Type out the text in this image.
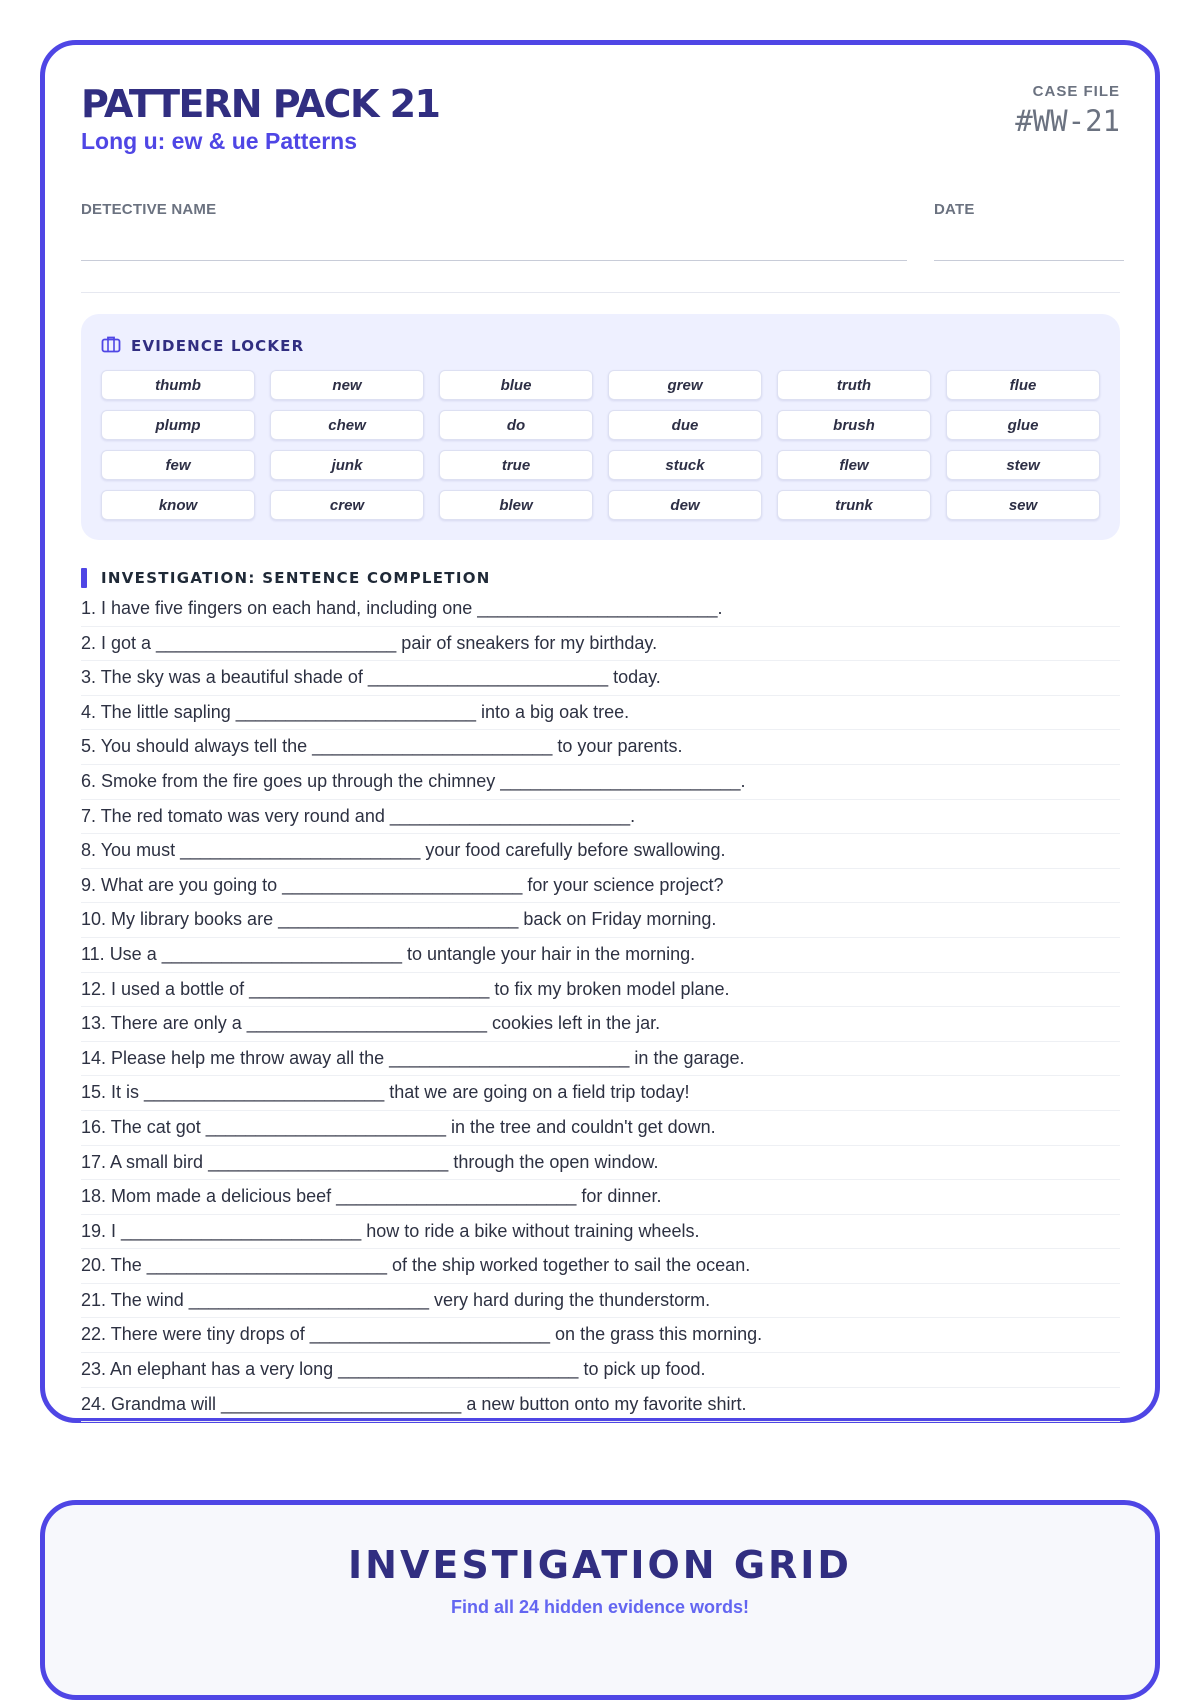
PATTERN PACK 21
Long u: ew & ue Patterns
CASE FILE
#WW-21
DETECTIVE NAME	DATE
EVIDENCE LOCKER
thumb	new	blue	grew	truth	flue
plump	chew	do	due	brush	glue
few	junk	true	stuck	flew	stew
know	crew	blew	dew	trunk	sew
INVESTIGATION: SENTENCE COMPLETION
1. I have five fingers on each hand, including one ________________________.
2. I got a ________________________ pair of sneakers for my birthday.
3. The sky was a beautiful shade of ________________________ today.
4. The little sapling ________________________ into a big oak tree.
5. You should always tell the ________________________ to your parents.
6. Smoke from the fire goes up through the chimney ________________________.
7. The red tomato was very round and ________________________.
8. You must ________________________ your food carefully before swallowing.
9. What are you going to ________________________ for your science project?
10. My library books are ________________________ back on Friday morning.
11. Use a ________________________ to untangle your hair in the morning.
12. I used a bottle of ________________________ to fix my broken model plane.
13. There are only a ________________________ cookies left in the jar.
14. Please help me throw away all the ________________________ in the garage.
15. It is ________________________ that we are going on a field trip today!
16. The cat got ________________________ in the tree and couldn't get down.
17. A small bird ________________________ through the open window.
18. Mom made a delicious beef ________________________ for dinner.
19. I ________________________ how to ride a bike without training wheels.
20. The ________________________ of the ship worked together to sail the ocean.
21. The wind ________________________ very hard during the thunderstorm.
22. There were tiny drops of ________________________ on the grass this morning.
23. An elephant has a very long ________________________ to pick up food.
24. Grandma will ________________________ a new button onto my favorite shirt.
INVESTIGATION GRID
Find all 24 hidden evidence words!
